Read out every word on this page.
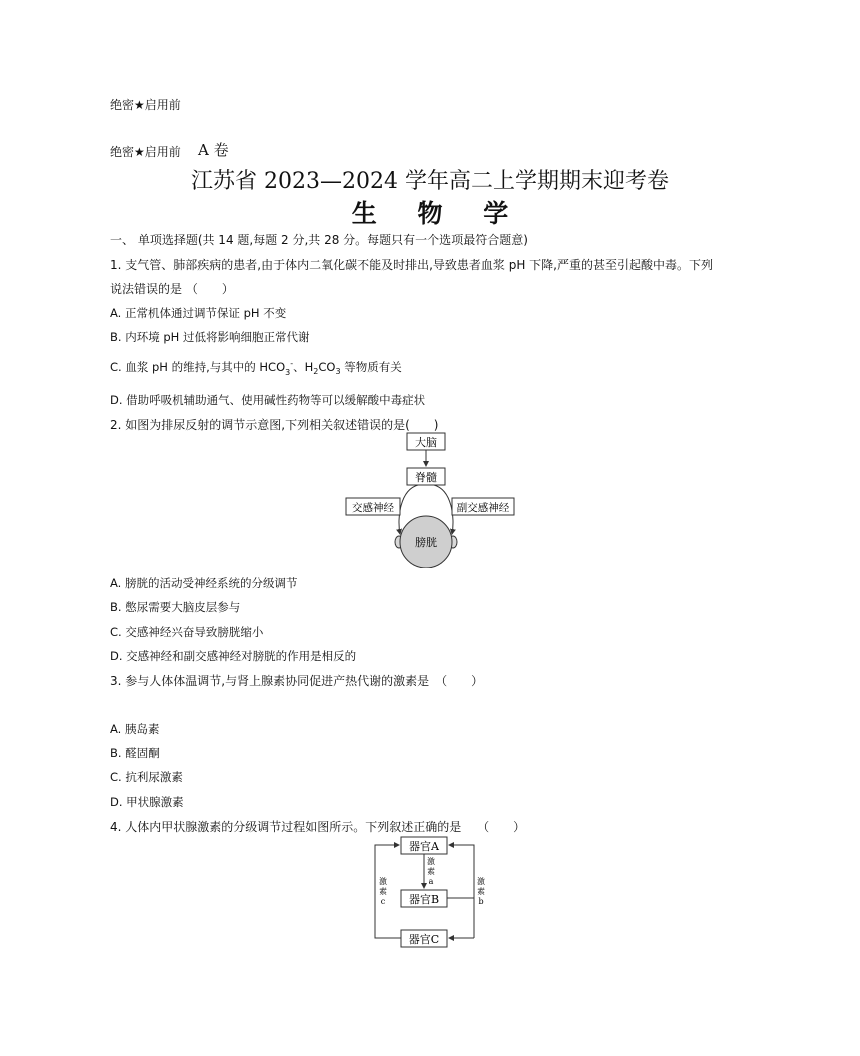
绝密★启用前
绝密★启用前 A 卷
江苏省 2023—2024 学年高二上学期期末迎考卷
生 物 学
一、 单项选择题(共 14 题,每题 2 分,共 28 分。每题只有一个选项最符合题意)
1. 支气管、肺部疾病的患者,由于体内二氧化碳不能及时排出,导致患者血浆 pH 下降,严重的甚至引起酸中毒。下列
说法错误的是 （　　）
A. 正常机体通过调节保证 pH 不变
B. 内环境 pH 过低将影响细胞正常代谢
C. 血浆 pH 的维持,与其中的 HCO3-、$H_2CO_3$ 等物质有关
D. 借助呼吸机辅助通气、使用碱性药物等可以缓解酸中毒症状
2. 如图为排尿反射的调节示意图,下列相关叙述错误的是(　　)
大脑
脊髓
交感神经	副交感神经
膀胱
A. 膀胱的活动受神经系统的分级调节
B. 憋尿需要大脑皮层参与
C. 交感神经兴奋导致膀胱缩小
D. 交感神经和副交感神经对膀胱的作用是相反的
3. 参与人体体温调节,与肾上腺素协同促进产热代谢的激素是　（　　）
A. 胰岛素
B. 醛固酮
C. 抗利尿激素
D. 甲状腺激素
4. 人体内甲状腺激素的分级调节过程如图所示。下列叙述正确的是　 （　　）
器官A
器官B
器官C
激
素
a	激
素
b
激
素
c
